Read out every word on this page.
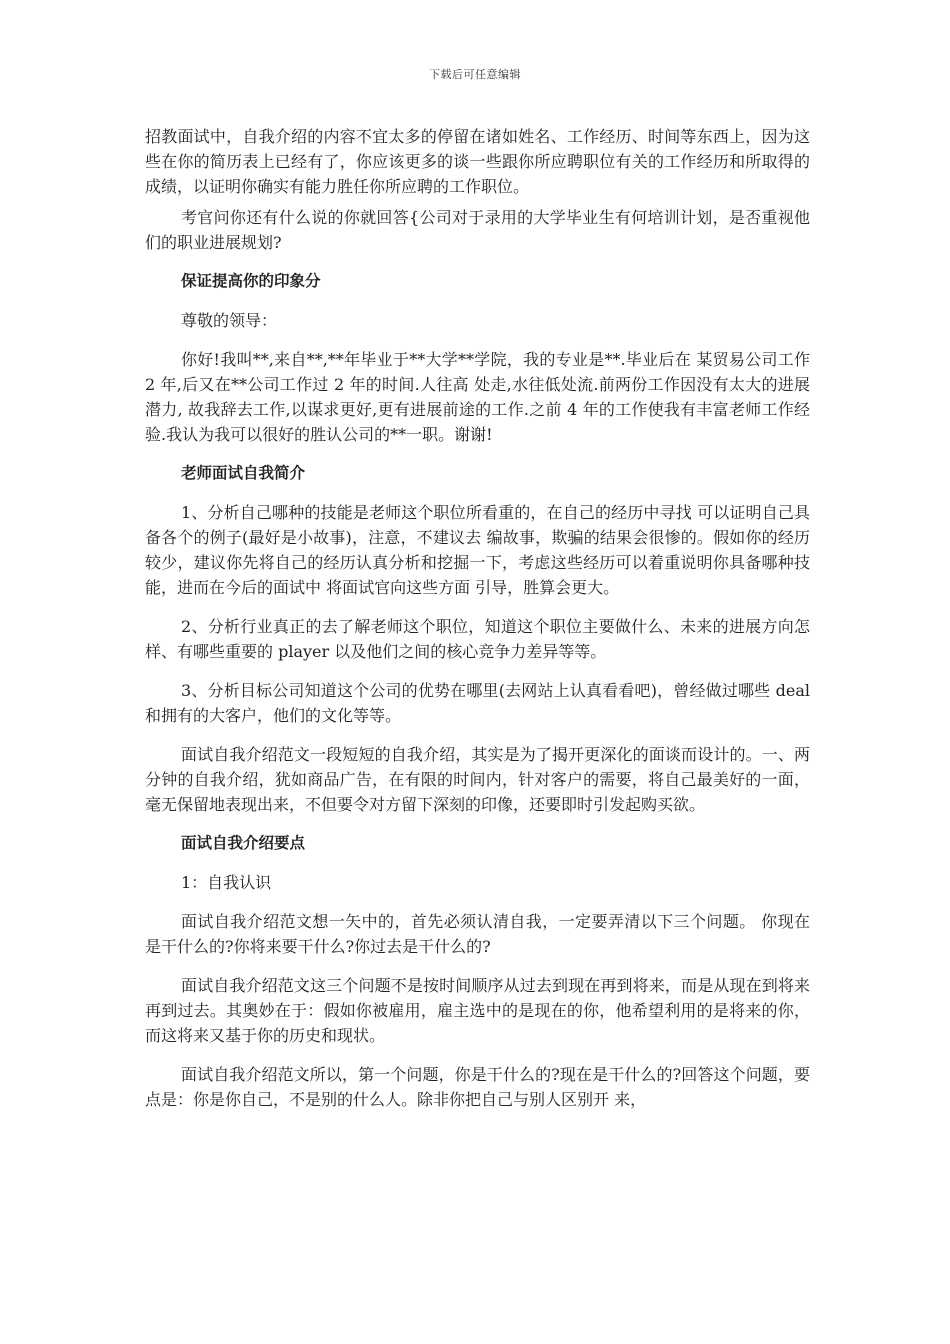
下载后可任意编辑

招教面试中，自我介绍的内容不宜太多的停留在诸如姓名、工作经历、时间等东西上，因为这些在你的简历表上已经有了，你应该更多的谈一些跟你所应聘职位有关的工作经历和所取得的成绩，以证明你确实有能力胜任你所应聘的工作职位。

考官问你还有什么说的你就回答{公司对于录用的大学毕业生有何培训计划，是否重视他们的职业进展规划?

保证提高你的印象分

尊敬的领导：

你好!我叫**,来自**,**年毕业于**大学**学院，我的专业是**.毕业后在 某贸易公司工作 2 年,后又在**公司工作过 2 年的时间.人往高 处走,水往低处流.前两份工作因没有太大的进展潜力, 故我辞去工作,以谋求更好,更有进展前途的工作.之前 4 年的工作使我有丰富老师工作经验.我认为我可以很好的胜认公司的**一职。谢谢!

老师面试自我简介

1、分析自己哪种的技能是老师这个职位所看重的，在自己的经历中寻找 可以证明自己具备各个的例子(最好是小故事)，注意，不建议去 编故事，欺骗的结果会很惨的。假如你的经历较少，建议你先将自己的经历认真分析和挖掘一下，考虑这些经历可以着重说明你具备哪种技能，进而在今后的面试中 将面试官向这些方面 引导，胜算会更大。

2、分析行业真正的去了解老师这个职位，知道这个职位主要做什么、未来的进展方向怎样、有哪些重要的 player 以及他们之间的核心竞争力差异等等。

3、分析目标公司知道这个公司的优势在哪里(去网站上认真看看吧)，曾经做过哪些 deal 和拥有的大客户，他们的文化等等。

面试自我介绍范文一段短短的自我介绍，其实是为了揭开更深化的面谈而设计的。一、两分钟的自我介绍，犹如商品广告，在有限的时间内，针对客户的需要，将自己最美好的一面，毫无保留地表现出来，不但要令对方留下深刻的印像，还要即时引发起购买欲。

面试自我介绍要点

1：自我认识

面试自我介绍范文想一矢中的，首先必须认清自我，一定要弄清以下三个问题。 你现在是干什么的?你将来要干什么?你过去是干什么的?

面试自我介绍范文这三个问题不是按时间顺序从过去到现在再到将来，而是从现在到将来再到过去。其奥妙在于：假如你被雇用，雇主选中的是现在的你，他希望利用的是将来的你，而这将来又基于你的历史和现状。

面试自我介绍范文所以，第一个问题，你是干什么的?现在是干什么的?回答这个问题，要 点是：你是你自己，不是别的什么人。除非你把自己与别人区别开 来，
